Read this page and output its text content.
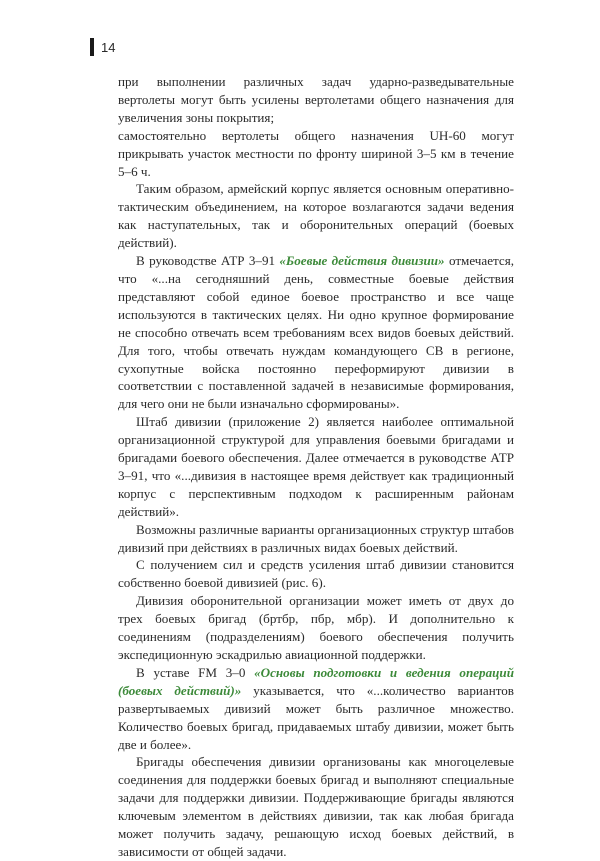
14

при выполнении различных задач ударно-разведывательные вертолеты могут быть усилены вертолетами общего назначения для увеличения зоны покрытия;

самостоятельно вертолеты общего назначения UH-60 могут прикрывать участок местности по фронту шириной 3–5 км в течение 5–6 ч.

Таким образом, армейский корпус является основным оперативно-тактическим объединением, на которое возлагаются задачи ведения как наступательных, так и оборонительных операций (боевых действий).

В руководстве АТР 3–91 «Боевые действия дивизии» отмечается, что «...на сегодняшний день, совместные боевые действия представляют собой единое боевое пространство и все чаще используются в тактических целях. Ни одно крупное формирование не способно отвечать всем требованиям всех видов боевых действий. Для того, чтобы отвечать нуждам командующего СВ в регионе, сухопутные войска постоянно переформируют дивизии в соответствии с поставленной задачей в независимые формирования, для чего они не были изначально сформированы».

Штаб дивизии (приложение 2) является наиболее оптимальной организационной структурой для управления боевыми бригадами и бригадами боевого обеспечения. Далее отмечается в руководстве АТР 3–91, что «...дивизия в настоящее время действует как традиционный корпус с перспективным подходом к расширенным районам действий».

Возможны различные варианты организационных структур штабов дивизий при действиях в различных видах боевых действий.

С получением сил и средств усиления штаб дивизии становится собственно боевой дивизией (рис. 6).

Дивизия оборонительной организации может иметь от двух до трех боевых бригад (бртбр, пбр, мбр). И дополнительно к соединениям (подразделениям) боевого обеспечения получить экспедиционную эскадрилью авиационной поддержки.

В уставе FM 3–0 «Основы подготовки и ведения операций (боевых действий)» указывается, что «...количество вариантов развертываемых дивизий может быть различное множество. Количество боевых бригад, придаваемых штабу дивизии, может быть две и более».

Бригады обеспечения дивизии организованы как многоцелевые соединения для поддержки боевых бригад и выполняют специальные задачи для поддержки дивизии. Поддерживающие бригады являются ключевым элементом в действиях дивизии, так как любая бригада может получить задачу, решающую исход боевых действий, в зависимости от общей задачи.
